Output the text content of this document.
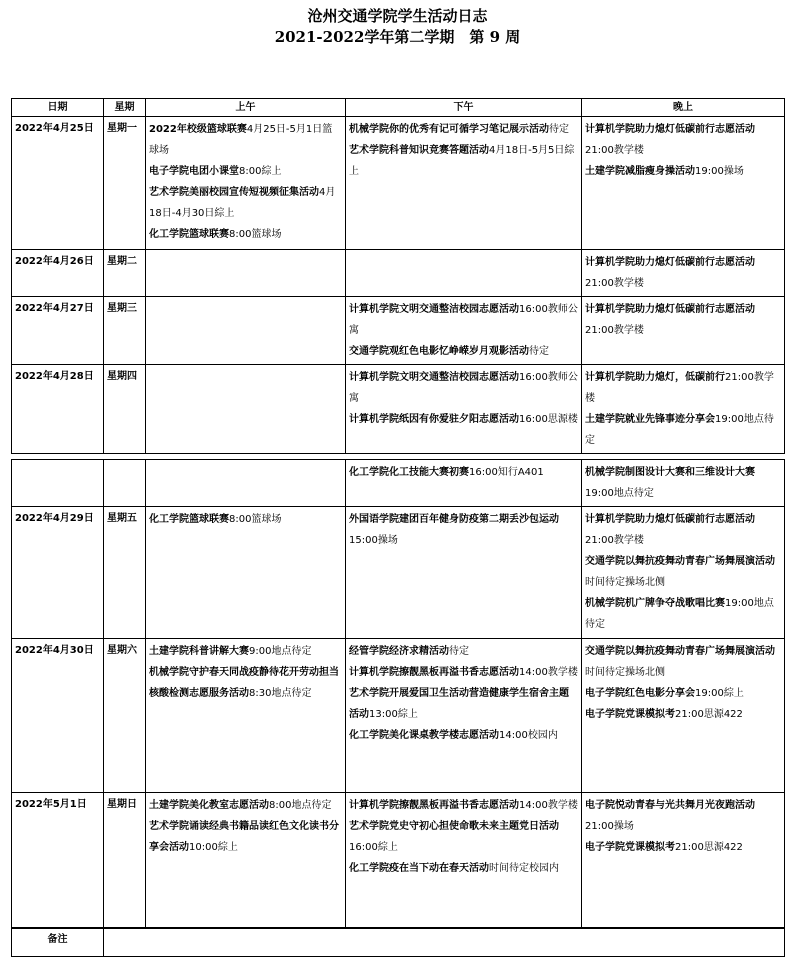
沧州交通学院学生活动日志
2021-2022学年第二学期　第 9 周
日期	星期	上午	下午	晚上
2022年4月25日	星期一	2022年校级篮球联赛4月25日-5月1日篮球场
电子学院电团小课堂8:00綜上
艺术学院美丽校园宣传短视频征集活动4月18日-4月30日綜上
化工学院篮球联赛8:00篮球场	机械学院你的优秀有记可循学习笔记展示活动待定
艺术学院科普知识竞赛答题活动4月18日-5月5日綜上	计算机学院助力熄灯低碳前行志愿活动21:00教学楼
土建学院减脂瘦身操活动19:00操场

2022年4月26日	星期二			计算机学院助力熄灯低碳前行志愿活动21:00教学楼

2022年4月27日	星期三		计算机学院文明交通整洁校园志愿活动16:00教师公寓
交通学院观红色电影忆峥嵘岁月观影活动待定	计算机学院助力熄灯低碳前行志愿活动21:00教学楼

2022年4月28日	星期四		计算机学院文明交通整洁校园志愿活动16:00教师公寓
计算机学院纸因有你爱驻夕阳志愿活动16:00思源楼	计算机学院助力熄灯，低碳前行21:00教学楼
土建学院就业先锋事迹分享会19:00地点待定

			化工学院化工技能大赛初赛16:00知行A401	机械学院制图设计大赛和三维设计大赛19:00地点待定

2022年4月29日	星期五	化工学院篮球联赛8:00篮球场	外国语学院建团百年健身防疫第二期丢沙包运动15:00操场	计算机学院助力熄灯低碳前行志愿活动21:00教学楼
交通学院以舞抗疫舞动青春广场舞展演活动时间待定操场北侧
机械学院机广牌争夺战歌唱比赛19:00地点待定

2022年4月30日	星期六	土建学院科普讲解大赛9:00地点待定
机械学院守护春天同战疫静待花开劳动担当核酸检测志愿服务活动8:30地点待定	经管学院经济求精活动待定
计算机学院擦靓黑板再溢书香志愿活动14:00教学楼
艺术学院开展爱国卫生活动营造健康学生宿舍主题活动13:00綜上
化工学院美化课桌教学楼志愿活动14:00校园内	交通学院以舞抗疫舞动青春广场舞展演活动时间待定操场北侧
电子学院红色电影分享会19:00綜上
电子学院党课模拟考21:00思源422

2022年5月1日	星期日	土建学院美化教室志愿活动8:00地点待定
艺术学院诵读经典书籍品读红色文化读书分享会活动10:00綜上	计算机学院擦靓黑板再溢书香志愿活动14:00教学楼
艺术学院党史守初心担使命歌未来主题党日活动16:00綜上
化工学院疫在当下动在春天活动时间待定校园内	电子院悦动青春与光共舞月光夜跑活动21:00操场
电子学院党课模拟考21:00思源422
备注	
